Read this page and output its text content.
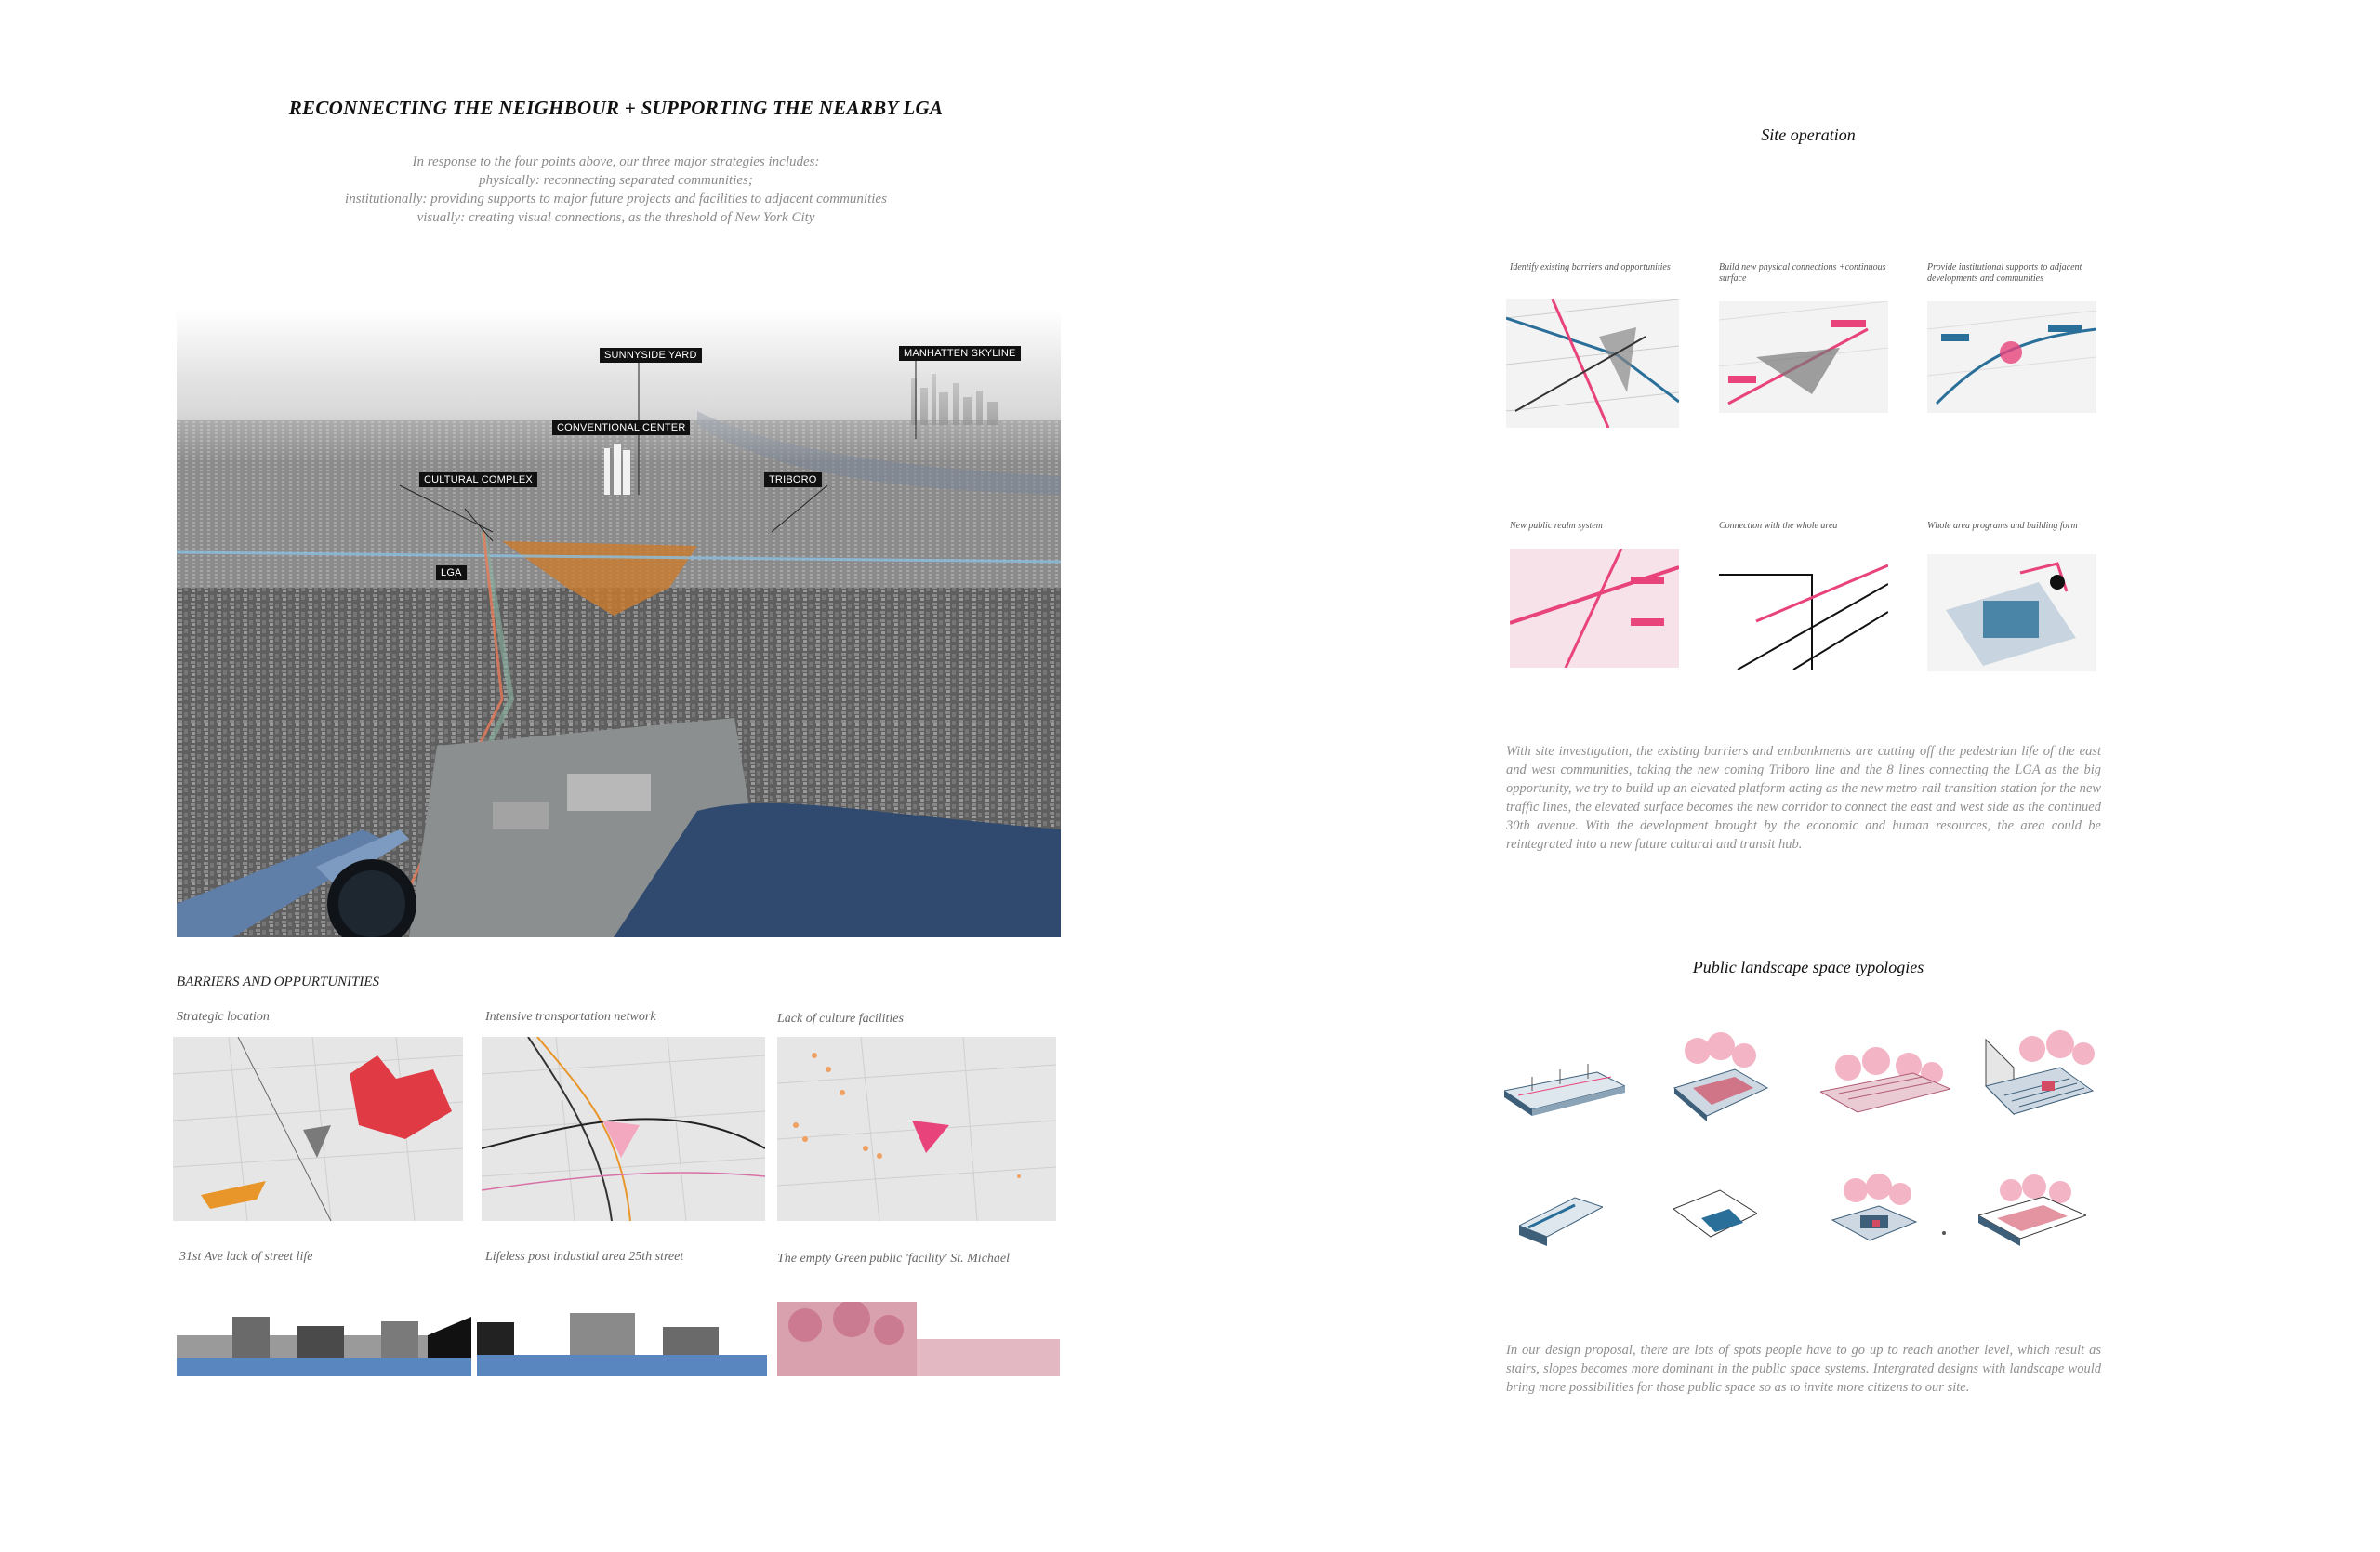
RECONNECTING THE NEIGHBOUR + SUPPORTING THE NEARBY LGA
In response to the four points above, our three major strategies includes:
physically: reconnecting separated communities;
institutionally: providing supports to major future projects and facilities to adjacent communities
visually: creating visual connections, as the threshold of New York City
SUNNYSIDE YARD	MANHATTEN SKYLINE
CONVENTIONAL CENTER
CULTURAL COMPLEX	TRIBORO
LGA
BARRIERS AND OPPURTUNITIES
Strategic location	Intensive transportation network	Lack of culture facilities
31st Ave lack of street life	Lifeless post industial area 25th street	The empty Green public 'facility' St. Michael
Site operation
Identify existing barriers and opportunities	Build new physical connections +continuous surface
Provide institutional supports to adjacent developments and communities
New public realm system	Connection with the whole area	Whole area programs and building form
With site investigation, the existing barriers and embankments are cutting off the pedestrian life of the east and west communities, taking the new coming Triboro line and the 8 lines connecting the LGA as the big opportunity, we try to build up an elevated platform acting as the new metro-rail transition station for the new traffic lines, the elevated surface becomes the new corridor to connect the east and west side as the continued 30th avenue. With the development brought by the economic and human resources, the area could be reintegrated into a new future cultural and transit hub.
Public landscape space typologies
In our design proposal, there are lots of spots people have to go up to reach another level, which result as stairs, slopes becomes more dominant in the public space systems. Intergrated designs with landscape would bring more possibilities for those public space so as to invite more citizens to our site.
